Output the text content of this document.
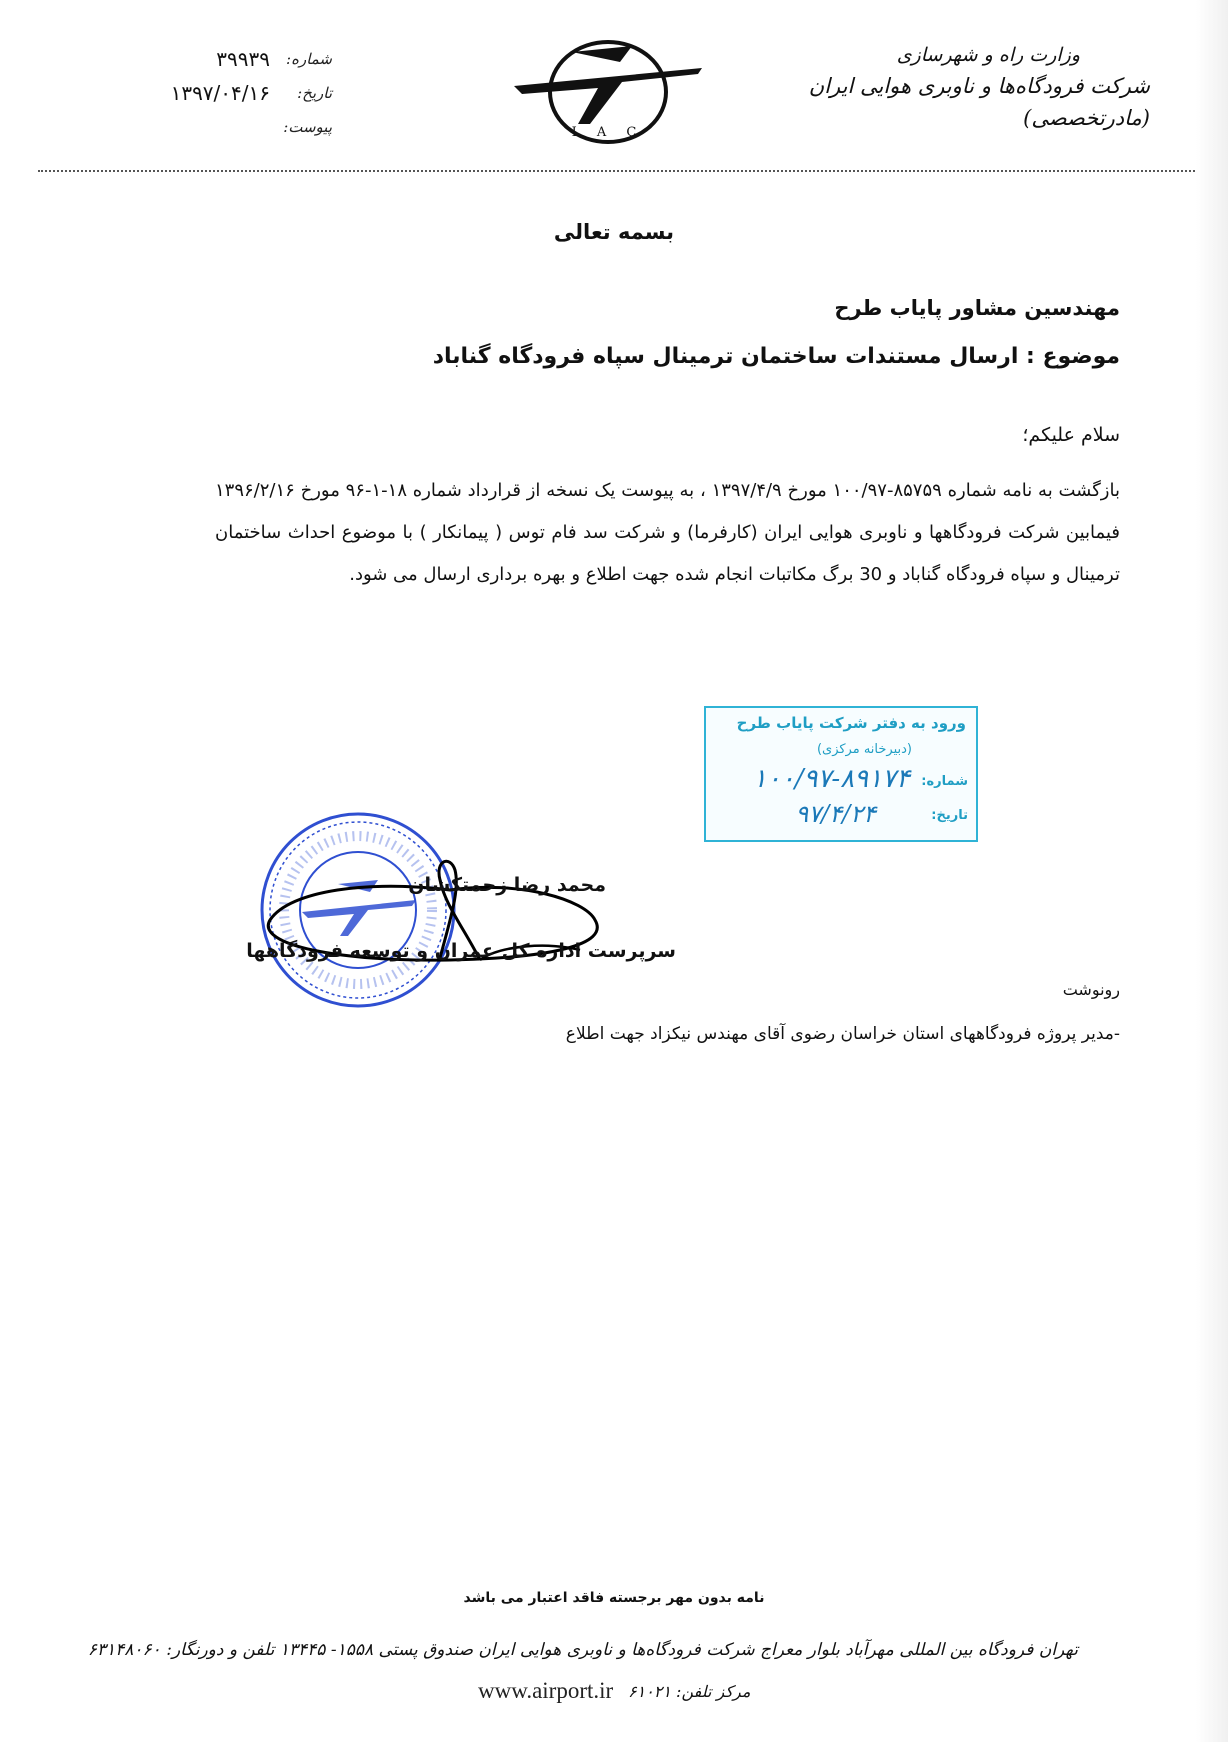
وزارت راه و شهرسازی
شرکت فرودگاه‌ها و ناوبری هوایی ایران (مادرتخصصی)
I A C
شماره:
۳۹۹۳۹
تاریخ:
۱۳۹۷/۰۴/۱۶
پیوست:
بسمه تعالی
مهندسین مشاور پایاب طرح
موضوع : ارسال مستندات ساختمان ترمینال سپاه فرودگاه گناباد
سلام علیکم؛
بازگشت به نامه شماره ۸۵۷۵۹-۱۰۰/۹۷ مورخ ۱۳۹۷/۴/۹ ، به پیوست یک نسخه از قرارداد شماره ۱۸-۱-۹۶ مورخ ۱۳۹۶/۲/۱۶ فیمابین شرکت فرودگاهها و ناوبری هوایی ایران (کارفرما) و شرکت سد فام توس ( پیمانکار ) با موضوع احداث ساختمان ترمینال و سپاه فرودگاه گناباد و 30 برگ مکاتبات انجام شده جهت اطلاع و بهره برداری ارسال می شود.
ورود به دفتر شرکت پایاب طرح
(دبیرخانه مرکزی)
شماره:
۱۰۰/۹۷-۸۹۱۷۴
تاریخ:
۹۷/۴/۲۴
محمد رضا زحمتکشان
سرپرست اداره کل عمران و توسعه فرودگاهها
رونوشت
-مدیر پروژه فرودگاههای استان خراسان رضوی آقای مهندس نیکزاد جهت اطلاع
نامه بدون مهر برجسته فاقد اعتبار می باشد
تهران فرودگاه بین المللی مهرآباد بلوار معراج شرکت فرودگاه‌ها و ناوبری هوایی ایران صندوق پستی ۱۵۵۸- ۱۳۴۴۵ تلفن و دورنگار: ۶۳۱۴۸۰۶۰
مرکز تلفن: ۶۱۰۲۱
www.airport.ir
